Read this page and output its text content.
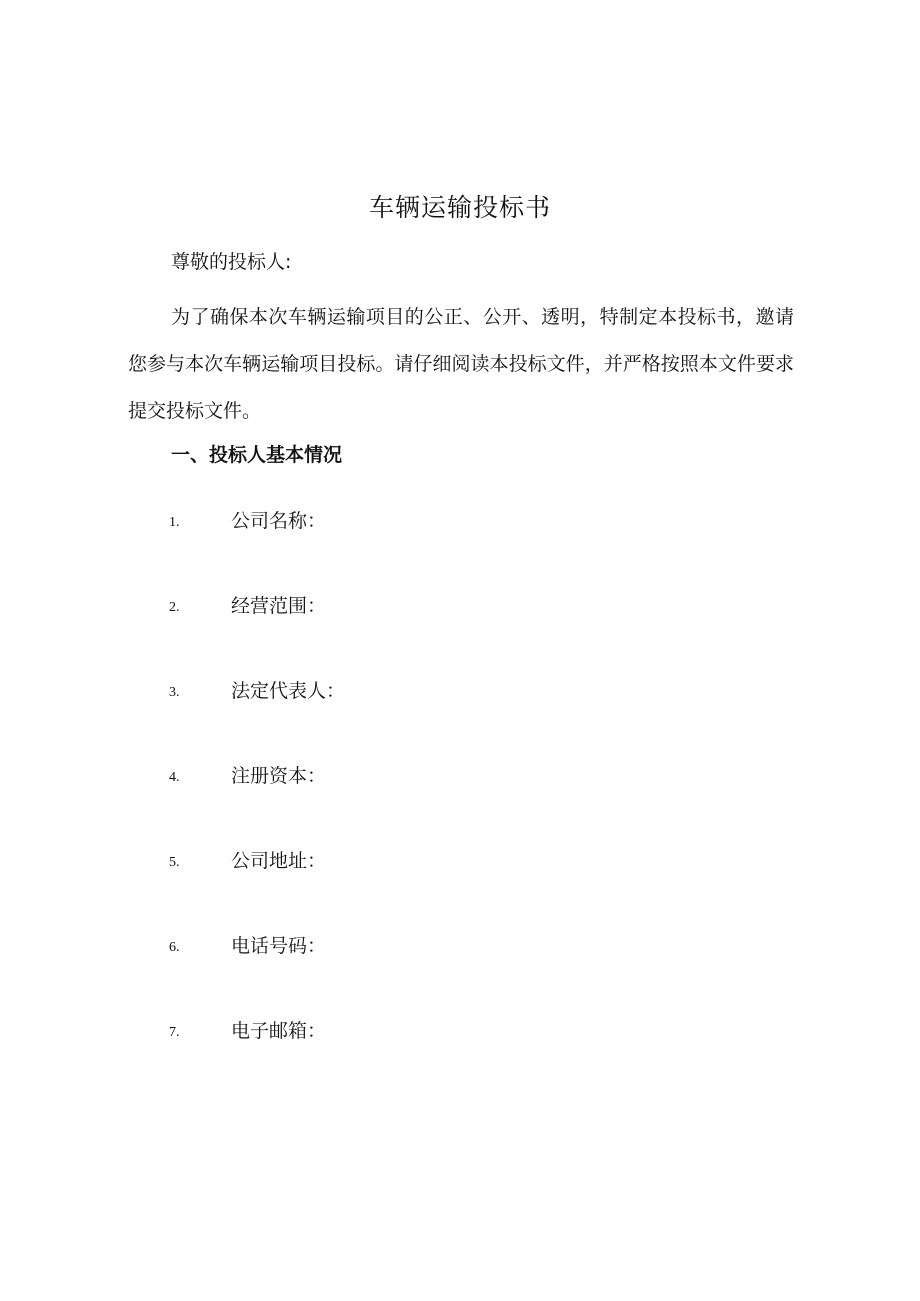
车辆运输投标书
尊敬的投标人:

为了确保本次车辆运输项目的公正、公开、透明，特制定本投标书，邀请您参与本次车辆运输项目投标。请仔细阅读本投标文件，并严格按照本文件要求提交投标文件。

一、投标人基本情况
1.	公司名称：
2.	经营范围：
3.	法定代表人：
4.	注册资本：
5.	公司地址：
6.	电话号码：
7.	电子邮箱：
